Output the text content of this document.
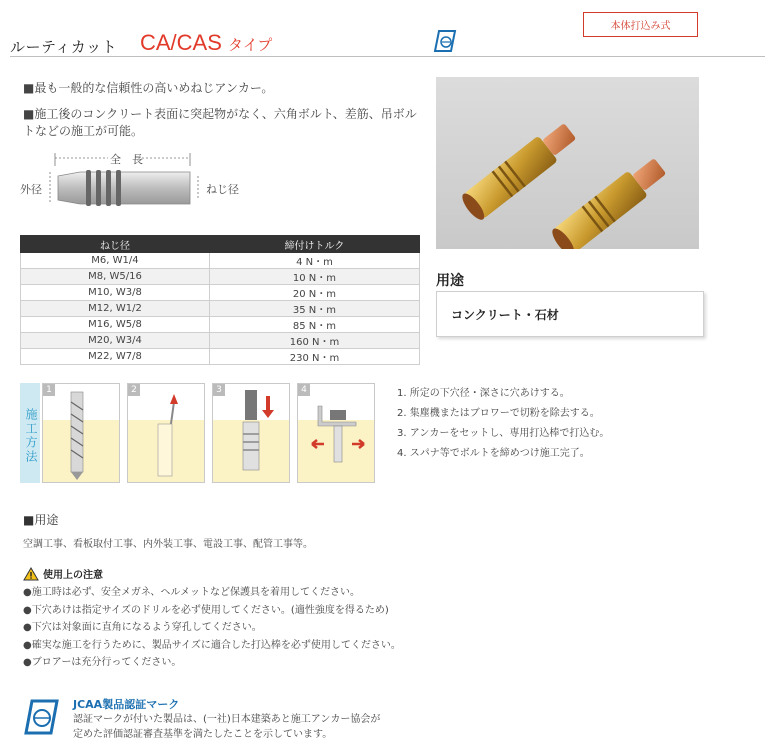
ルーティカット CA/CAS タイプ
本体打込み式
■最も一般的な信頼性の高いめねじアンカー。
■施工後のコンクリート表面に突起物がなく、六角ボルト、差筋、吊ボルトなどの施工が可能。
全　長
外径	ねじ径
ねじ径	締付けトルク
M6, W1/4	4 N・m
M8, W5/16	10 N・m
M10, W3/8	20 N・m
M12, W1/2	35 N・m
M16, W5/8	85 N・m
M20, W3/4	160 N・m
M22, W7/8	230 N・m
用途
コンクリート・石材
施工方法
1	2	3	4	1. 所定の下穴径・深さに穴あけする。
2. 集塵機またはブロワーで切粉を除去する。
3. アンカーをセットし、専用打込棒で打込む。
4. スパナ等でボルトを締めつけ施工完了。
■用途
空調工事、看板取付工事、内外装工事、電設工事、配管工事等。
使用上の注意
●施工時は必ず、安全メガネ、ヘルメットなど保護具を着用してください。
●下穴あけは指定サイズのドリルを必ず使用してください。(適性強度を得るため)
●下穴は対象面に直角になるよう穿孔してください。
●確実な施工を行うために、製品サイズに適合した打込棒を必ず使用してください。
●ブロアーは充分行ってください。
JCAA製品認証マーク
認証マークが付いた製品は、(一社)日本建築あと施工アンカー協会が
定めた評価認証審査基準を満たしたことを示しています。
